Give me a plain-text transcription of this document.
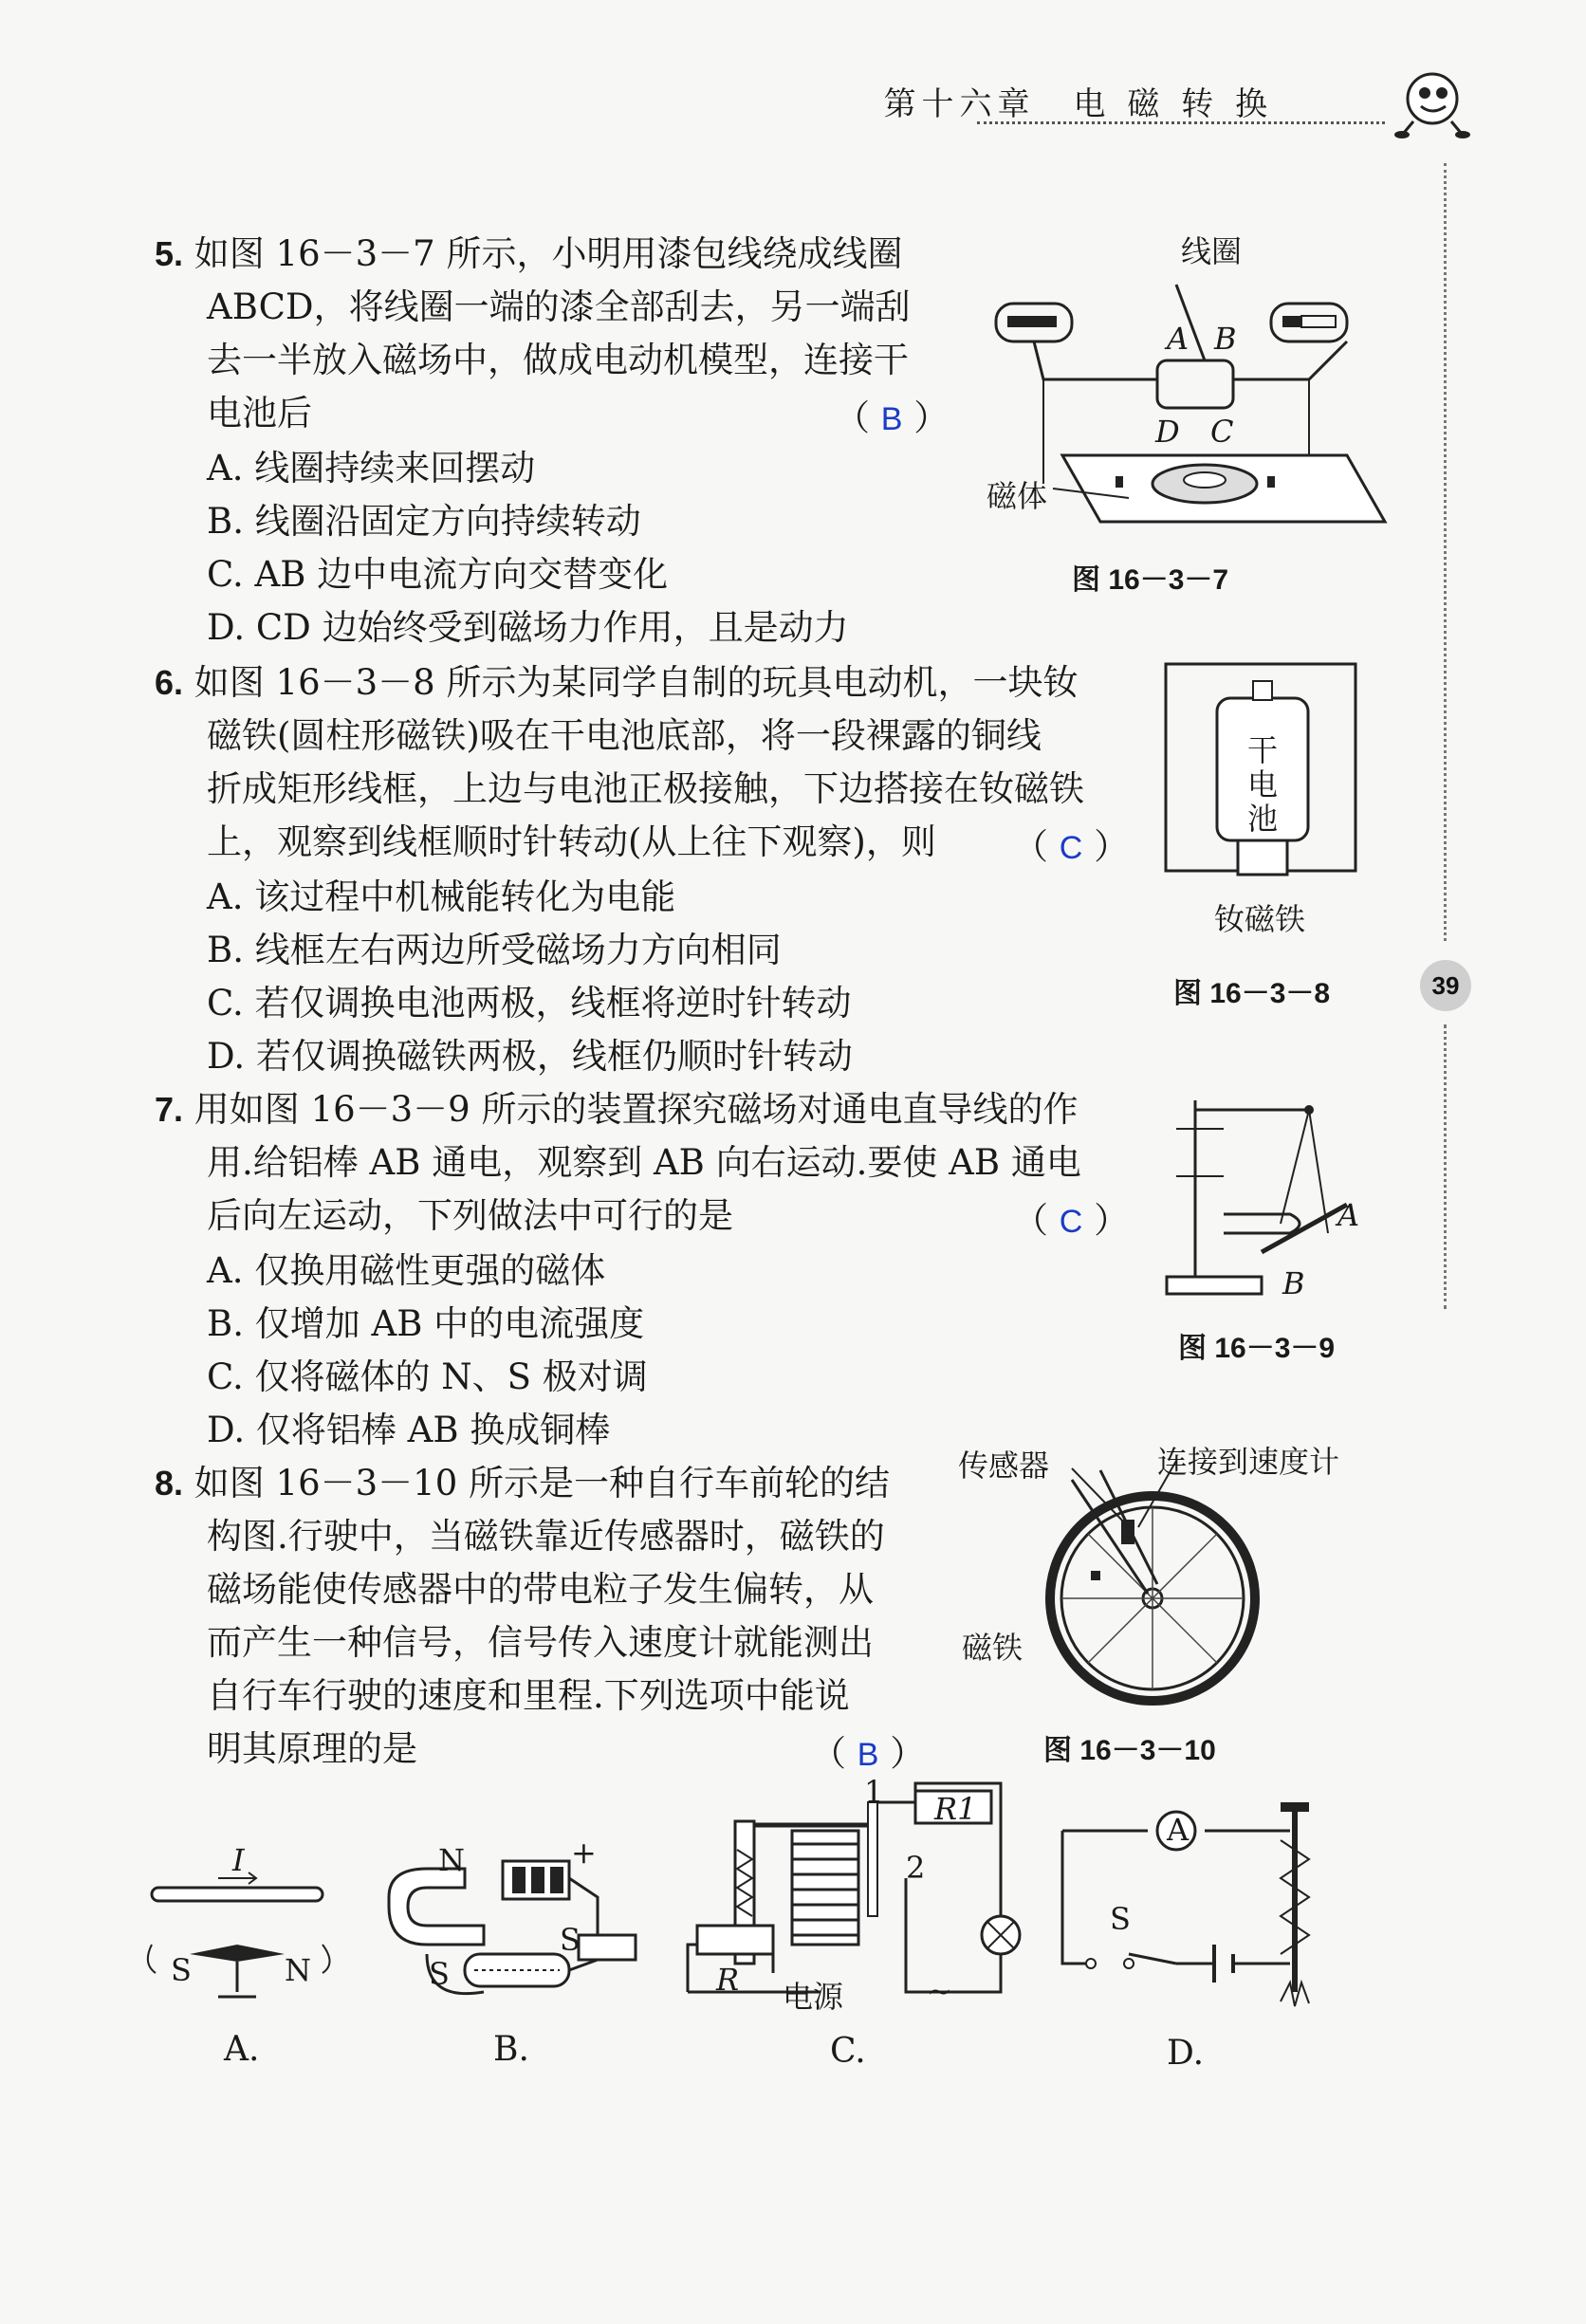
第十六章　电 磁 转 换
39
5. 如图 16－3－7 所示，小明用漆包线绕成线圈
ABCD，将线圈一端的漆全部刮去，另一端刮
去一半放入磁场中，做成电动机模型，连接干
电池后	（ B ）
A. 线圈持续来回摆动
B. 线圈沿固定方向持续转动
C. AB 边中电流方向交替变化
D. CD 边始终受到磁场力作用，且是动力
线圈
A B
D C
磁体
图 16－3－7
6. 如图 16－3－8 所示为某同学自制的玩具电动机，一块钕
磁铁(圆柱形磁铁)吸在干电池底部，将一段裸露的铜线
折成矩形线框，上边与电池正极接触，下边搭接在钕磁铁
上，观察到线框顺时针转动(从上往下观察)，则 （ C ）
A. 该过程中机械能转化为电能
B. 线框左右两边所受磁场力方向相同
C. 若仅调换电池两极，线框将逆时针转动
D. 若仅调换磁铁两极，线框仍顺时针转动
干
电
池
钕磁铁
图 16－3－8
7. 用如图 16－3－9 所示的装置探究磁场对通电直导线的作
用.给铝棒 AB 通电，观察到 AB 向右运动.要使 AB 通电
后向左运动，下列做法中可行的是	（ C ）
A. 仅换用磁性更强的磁体
B. 仅增加 AB 中的电流强度
C. 仅将磁体的 N、S 极对调
D. 仅将铝棒 AB 换成铜棒
A
B
图 16－3－9
8. 如图 16－3－10 所示是一种自行车前轮的结
构图.行驶中，当磁铁靠近传感器时，磁铁的
磁场能使传感器中的带电粒子发生偏转，从
而产生一种信号，信号传入速度计就能测出
自行车行驶的速度和里程.下列选项中能说
明其原理的是	（ B ）
传感器	连接到速度计
磁铁
图 16－3－10
I
S	N
A.
N
S
+
S
B.
1 R1
2
R 电源	~
C.
A
S
D.
